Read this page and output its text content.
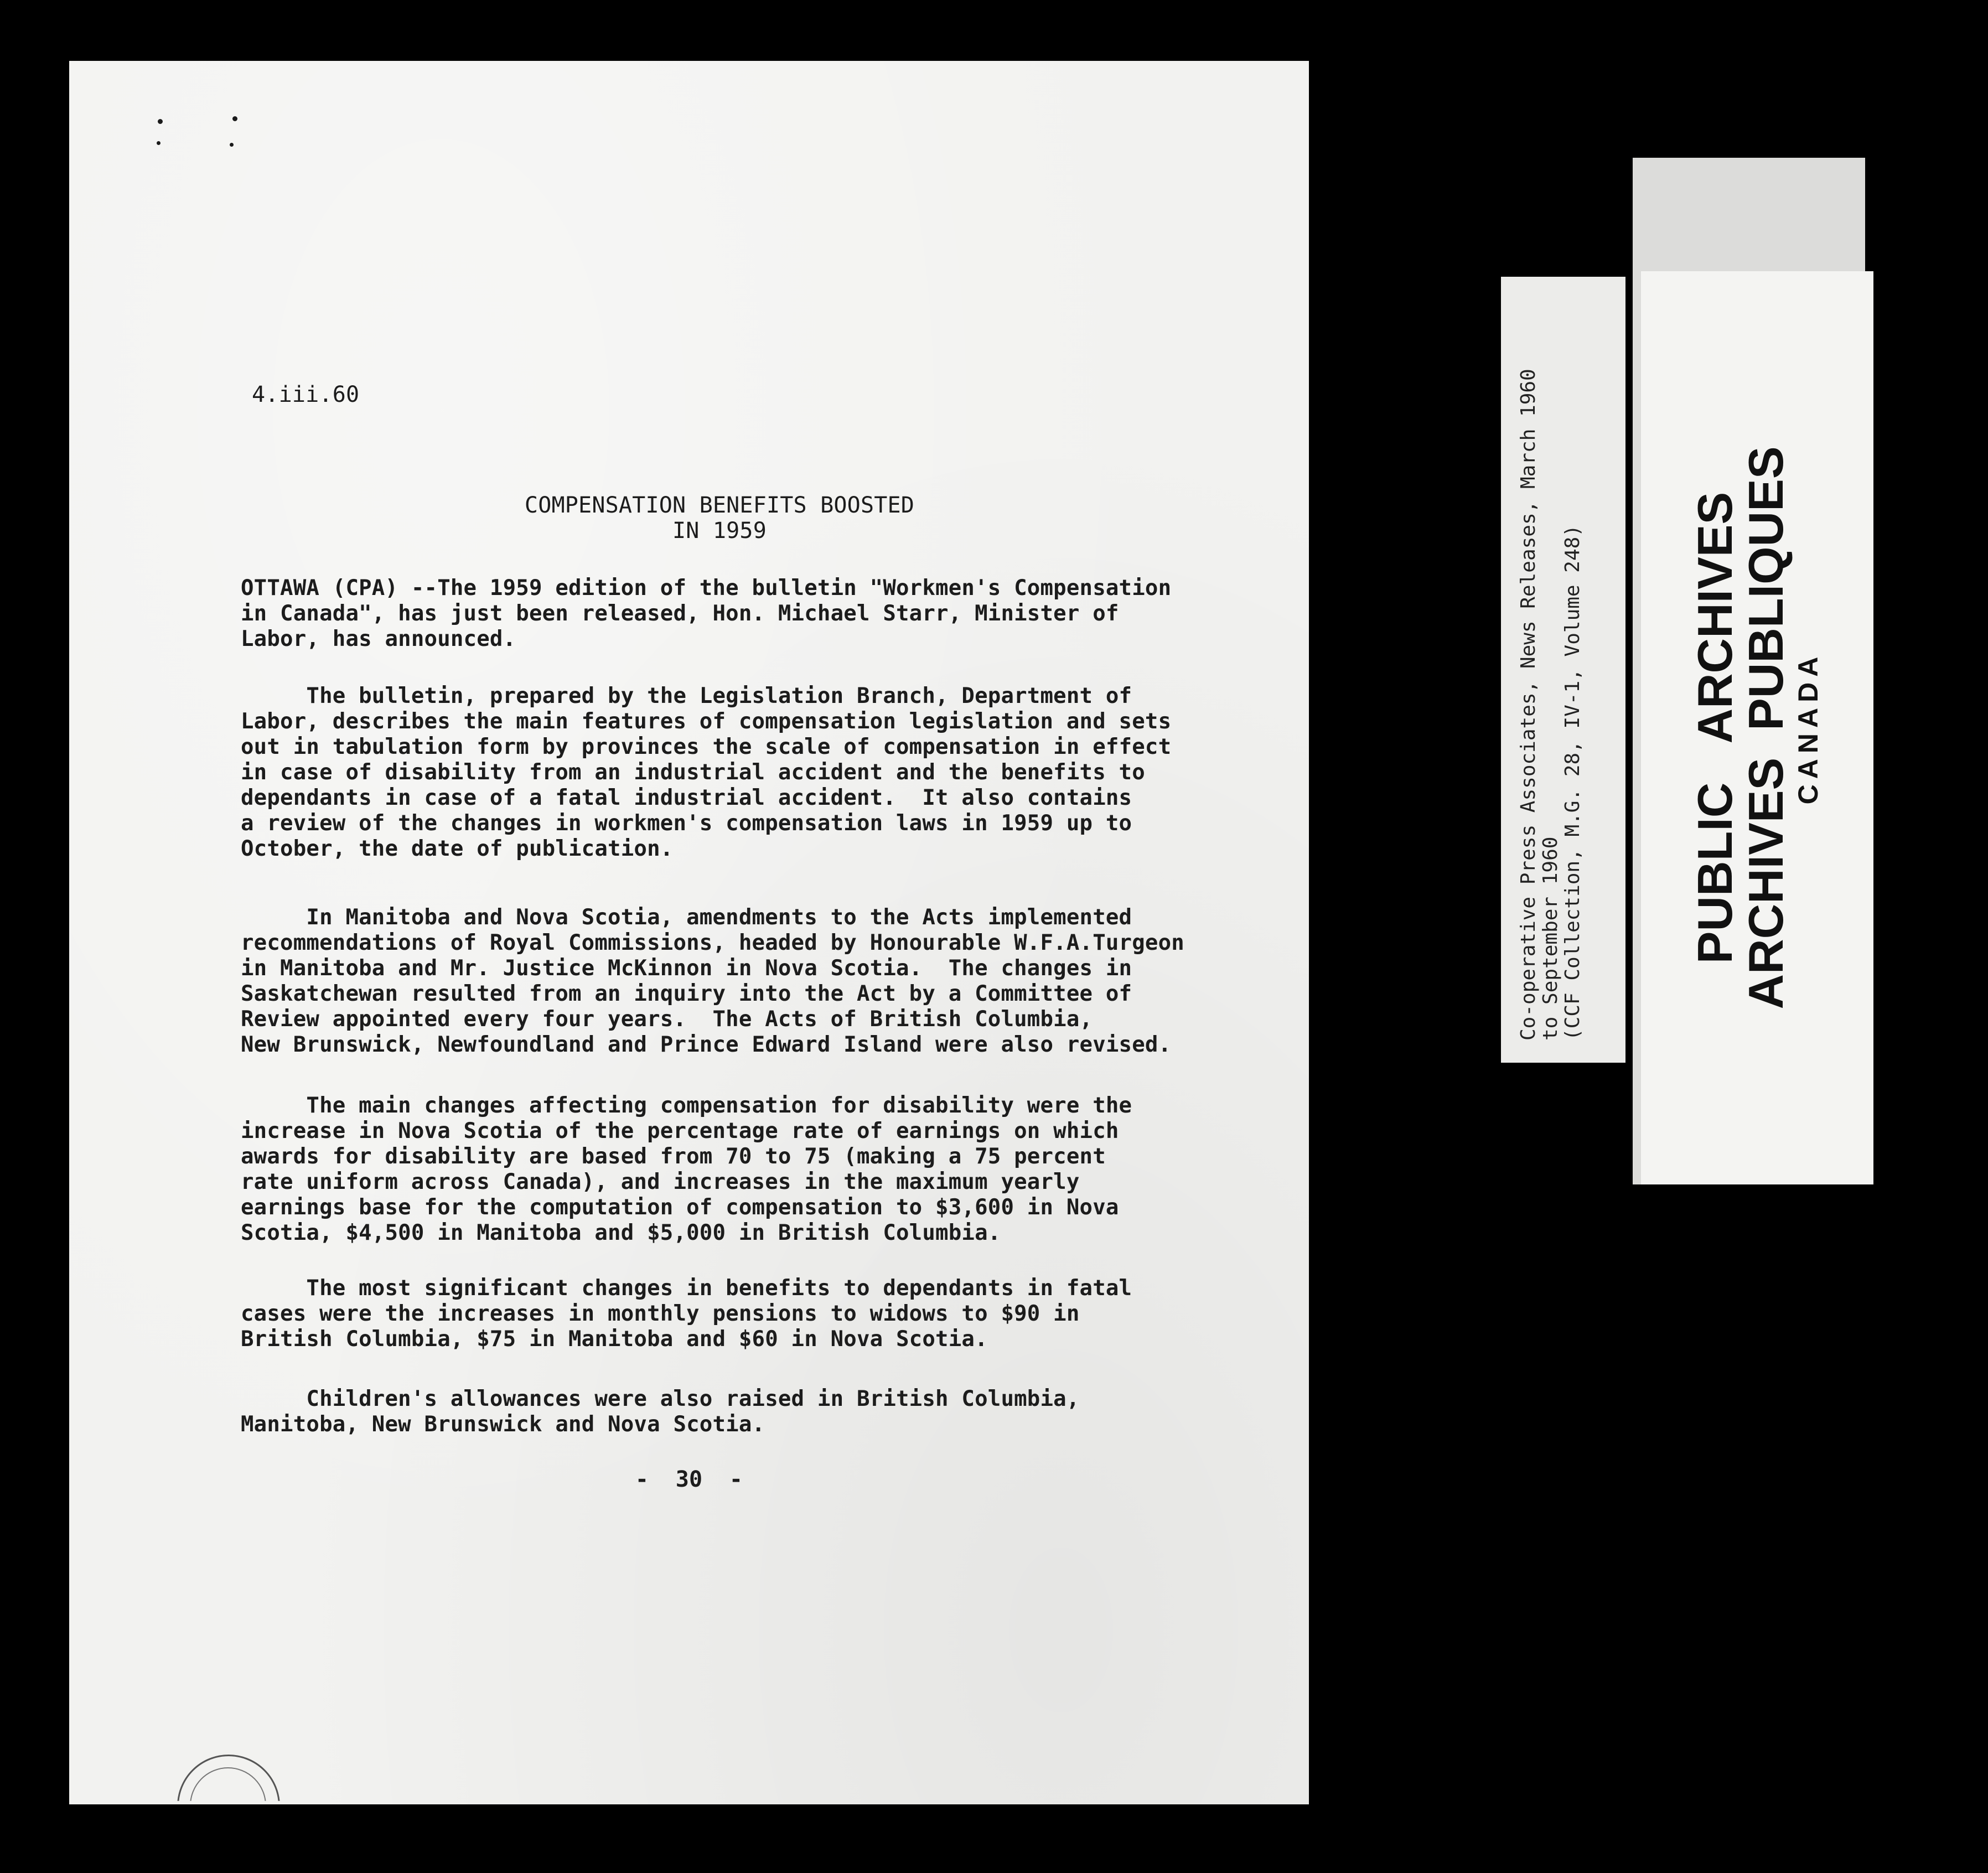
4.iii.60
COMPENSATION BENEFITS BOOSTED
IN 1959
OTTAWA (CPA) --The 1959 edition of the bulletin "Workmen's Compensation
in Canada", has just been released, Hon. Michael Starr, Minister of
Labor, has announced.
The bulletin, prepared by the Legislation Branch, Department of
Labor, describes the main features of compensation legislation and sets
out in tabulation form by provinces the scale of compensation in effect
in case of disability from an industrial accident and the benefits to
dependants in case of a fatal industrial accident.  It also contains
a review of the changes in workmen's compensation laws in 1959 up to
October, the date of publication.
In Manitoba and Nova Scotia, amendments to the Acts implemented
recommendations of Royal Commissions, headed by Honourable W.F.A.Turgeon
in Manitoba and Mr. Justice McKinnon in Nova Scotia.  The changes in
Saskatchewan resulted from an inquiry into the Act by a Committee of
Review appointed every four years.  The Acts of British Columbia,
New Brunswick, Newfoundland and Prince Edward Island were also revised.
The main changes affecting compensation for disability were the
increase in Nova Scotia of the percentage rate of earnings on which
awards for disability are based from 70 to 75 (making a 75 percent
rate uniform across Canada), and increases in the maximum yearly
earnings base for the computation of compensation to $3,600 in Nova
Scotia, $4,500 in Manitoba and $5,000 in British Columbia.
The most significant changes in benefits to dependants in fatal
cases were the increases in monthly pensions to widows to $90 in
British Columbia, $75 in Manitoba and $60 in Nova Scotia.
Children's allowances were also raised in British Columbia,
Manitoba, New Brunswick and Nova Scotia.
-  30  -
Co-operative Press Associates, News Releases, March 1960
to September 1960
(CCF Collection, M.G. 28, IV-1, Volume 248)	PUBLIC   ARCHIVES
ARCHIVES  PUBLIQUES CANADA
